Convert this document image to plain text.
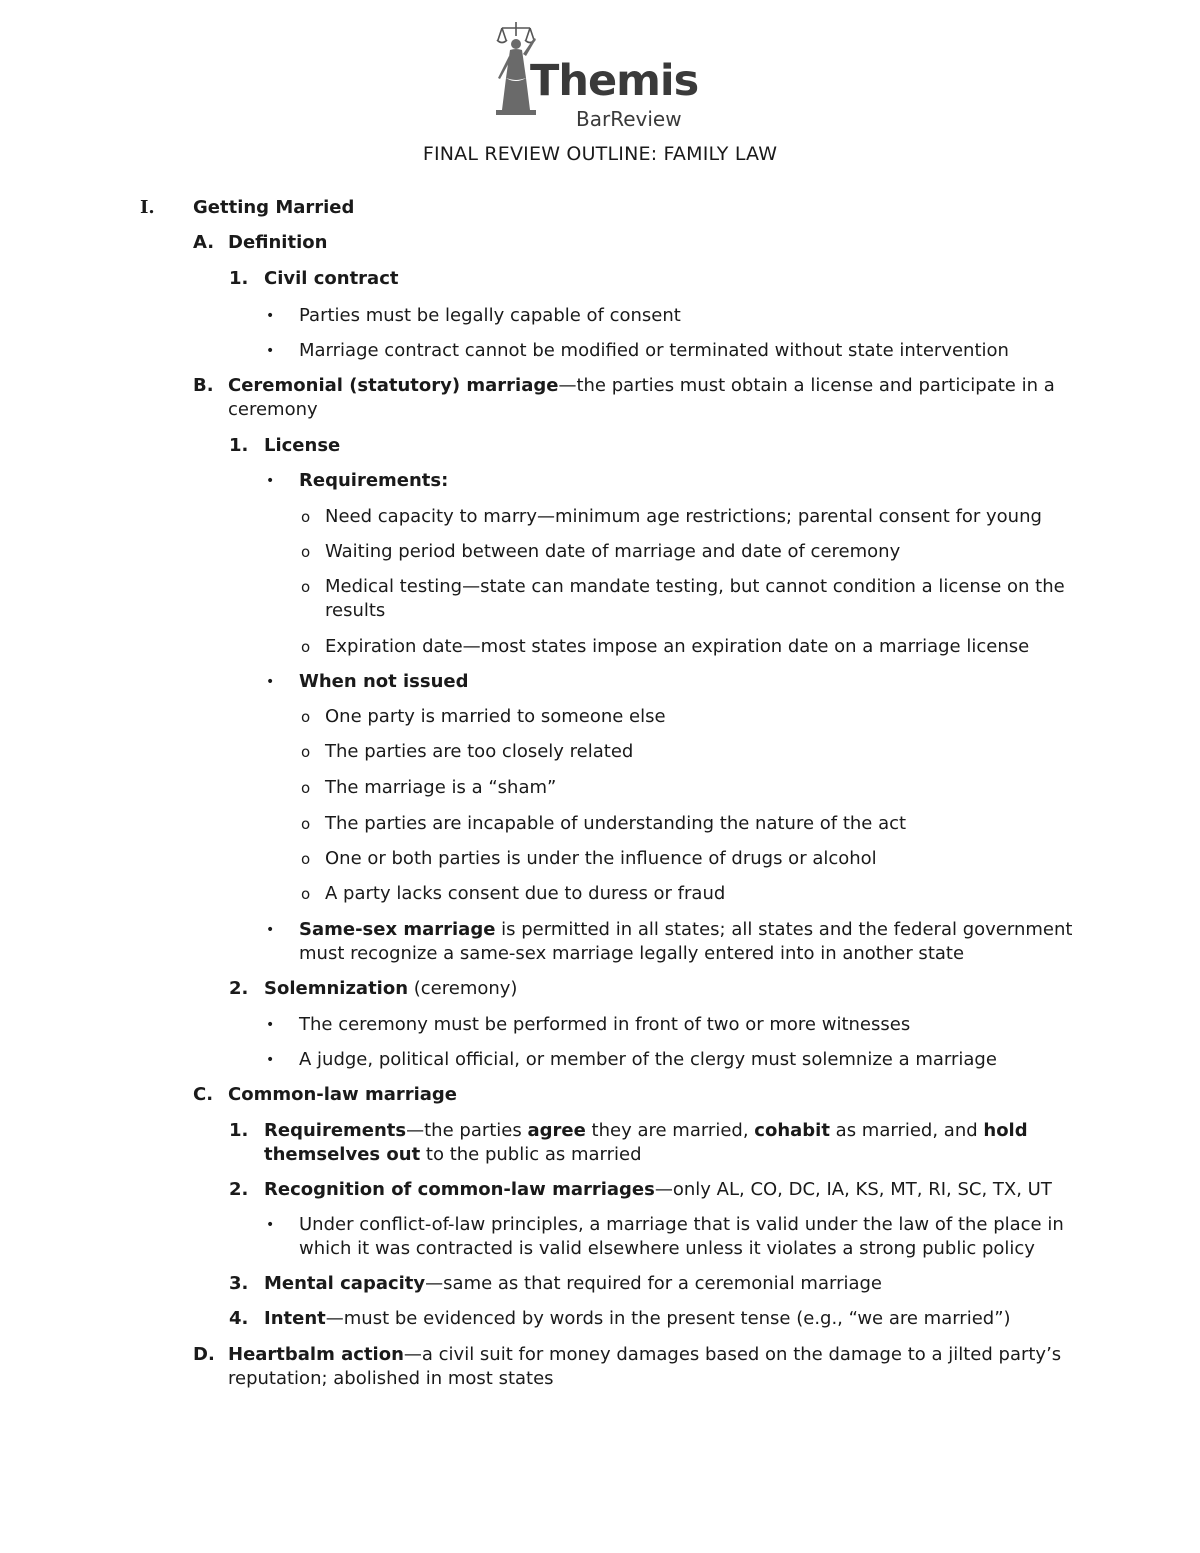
Themis
BarReview
FINAL REVIEW OUTLINE: FAMILY LAW
I. Getting Married
A. Definition
1. Civil contract
• Parties must be legally capable of consent
• Marriage contract cannot be modified or terminated without state intervention
B. Ceremonial (statutory) marriage—the parties must obtain a license and participate in a
ceremony
1. License
• Requirements:
o Need capacity to marry—minimum age restrictions; parental consent for young
o Waiting period between date of marriage and date of ceremony
o Medical testing—state can mandate testing, but cannot condition a license on the
results
o Expiration date—most states impose an expiration date on a marriage license
• When not issued
o One party is married to someone else
o The parties are too closely related
o The marriage is a “sham”
o The parties are incapable of understanding the nature of the act
o One or both parties is under the influence of drugs or alcohol
o A party lacks consent due to duress or fraud
• Same-sex marriage is permitted in all states; all states and the federal government
must recognize a same-sex marriage legally entered into in another state
2. Solemnization (ceremony)
• The ceremony must be performed in front of two or more witnesses
• A judge, political official, or member of the clergy must solemnize a marriage
C. Common-law marriage
1. Requirements—the parties agree they are married, cohabit as married, and hold
themselves out to the public as married
2. Recognition of common-law marriages—only AL, CO, DC, IA, KS, MT, RI, SC, TX, UT
• Under conflict-of-law principles, a marriage that is valid under the law of the place in
which it was contracted is valid elsewhere unless it violates a strong public policy
3. Mental capacity—same as that required for a ceremonial marriage
4. Intent—must be evidenced by words in the present tense (e.g., “we are married”)
D. Heartbalm action—a civil suit for money damages based on the damage to a jilted party’s
reputation; abolished in most states
